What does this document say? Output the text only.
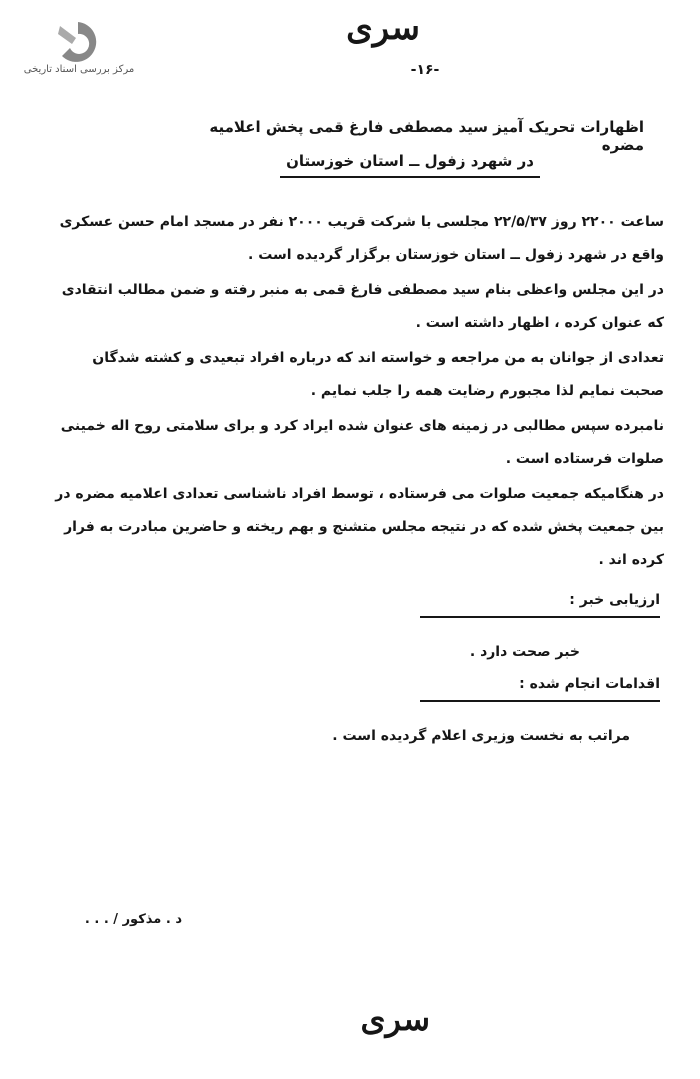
مرکز بررسی اسناد تاریخی
سری
-۱۶-
اظهارات تحریک آمیز سید مصطفی فارغ قمی پخش اعلامیه مضره
در شهرد زفول ــ استان خوزستان
ساعت ۲۲۰۰ روز ۲۲/۵/۳۷ مجلسی با شرکت قریب ۲۰۰۰ نفر در مسجد امام حسن عسکری واقع در شهرد زفول ــ استان خوزستان برگزار گردیده است .
در این مجلس واعظی بنام سید مصطفی فارغ قمی به منبر رفته و ضمن مطالب انتقادی که عنوان کرده ، اظهار داشته است .
تعدادی از جوانان به من مراجعه و خواسته اند که درباره افراد تبعیدی و کشته شدگان صحبت نمایم لذا مجبورم رضایت همه را جلب نمایم .
نامبرده سپس مطالبی در زمینه های عنوان شده ایراد کرد و برای سلامتی روح اله خمینی صلوات فرستاده است .
در هنگامیکه جمعیت صلوات می فرستاده ، توسط افراد ناشناسی تعدادی اعلامیه مضره در بین جمعیت پخش شده که در نتیجه مجلس متشنج و بهم ریخته و حاضرین مبادرت به فرار کرده اند .
ارزیابی خبر :
خبر صحت دارد .
اقدامات انجام شده :
مراتب به نخست وزیری اعلام گردیده است .
د . مذکور / . . .
سری
